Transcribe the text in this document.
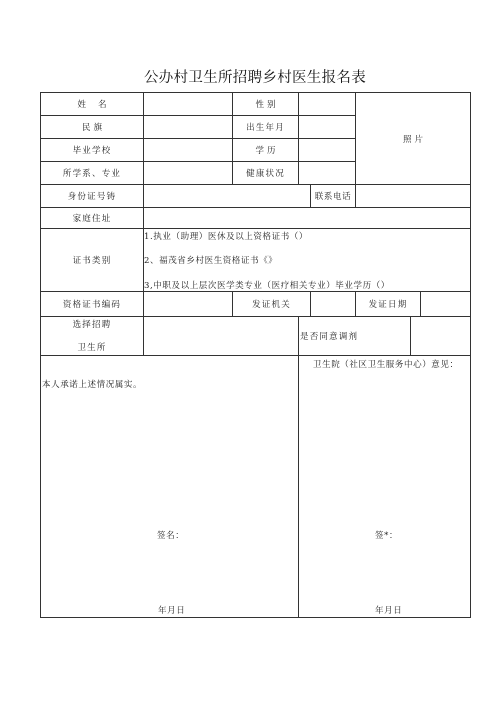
公办村卫生所招聘乡村医生报名表
姓名	性别
照片
民旗	出生年月
毕业学校	学历
所学系、专业	健康状况
身份证号铸	联系电话
家庭住址
证书类别
1.执业（助理）医休及以上资格证书（）
2、福茂省乡村医生资格证书《》
3,中职及以上层次医学类专业（医疗相关专业）毕业学历（）
资格证书编码	发证机关	发证日期
选择招聘
卫生所
是否同意调剂
本人承诺上述情况属实。
签名：
年月日
卫生院（社区卫生服务中心）意见：
签*：
年月日
